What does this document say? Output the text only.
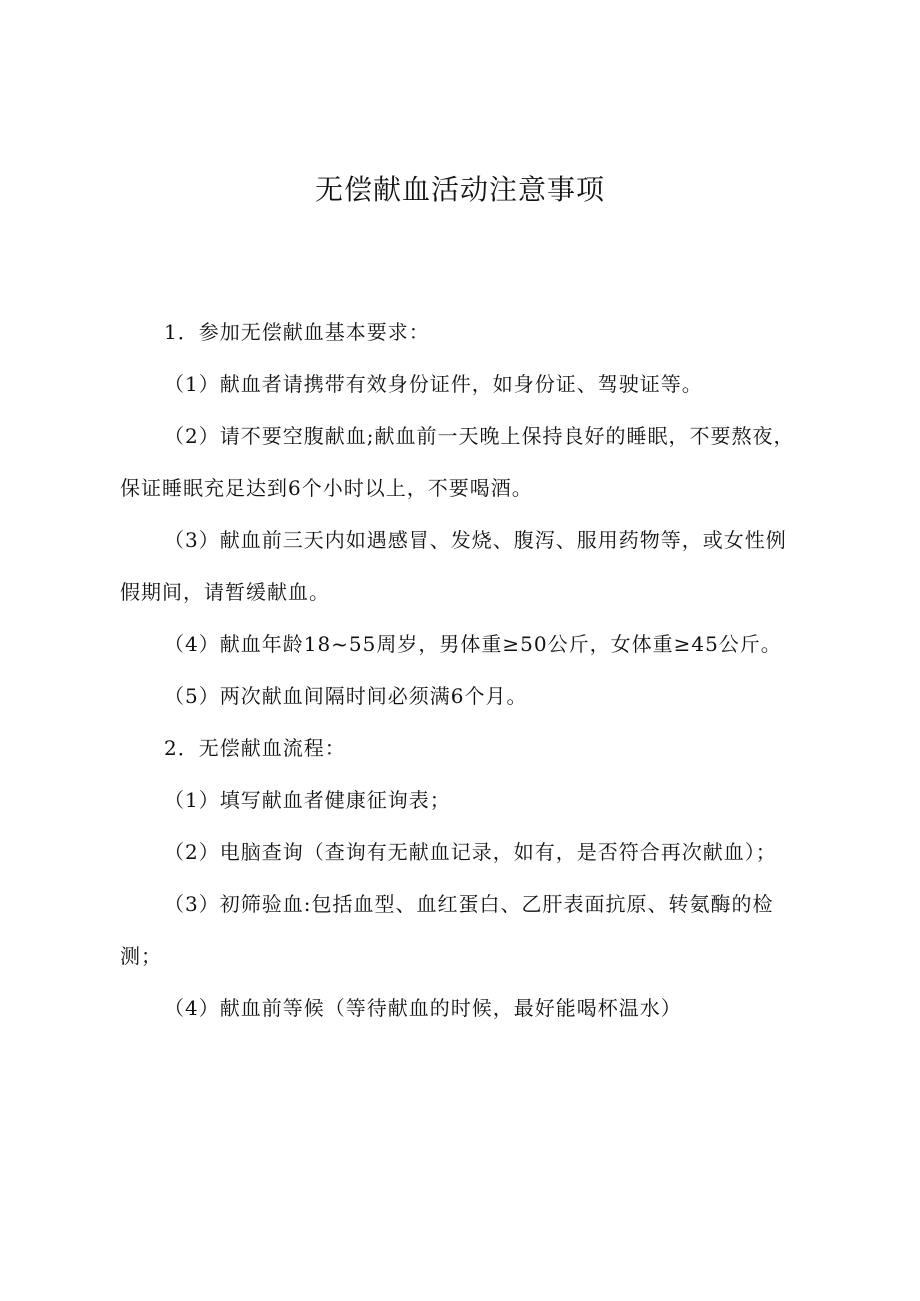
无偿献血活动注意事项

1．参加无偿献血基本要求：

（1）献血者请携带有效身份证件，如身份证、驾驶证等。

（2）请不要空腹献血;献血前一天晚上保持良好的睡眠，不要熬夜，保证睡眠充足达到6个小时以上，不要喝酒。

（3）献血前三天内如遇感冒、发烧、腹泻、服用药物等，或女性例假期间，请暂缓献血。

（4）献血年龄18~55周岁，男体重≥50公斤，女体重≥45公斤。

（5）两次献血间隔时间必须满6个月。

2．无偿献血流程：

（1）填写献血者健康征询表；

（2）电脑查询（查询有无献血记录，如有，是否符合再次献血）；

（3）初筛验血:包括血型、血红蛋白、乙肝表面抗原、转氨酶的检测；

（4）献血前等候（等待献血的时候，最好能喝杯温水）
